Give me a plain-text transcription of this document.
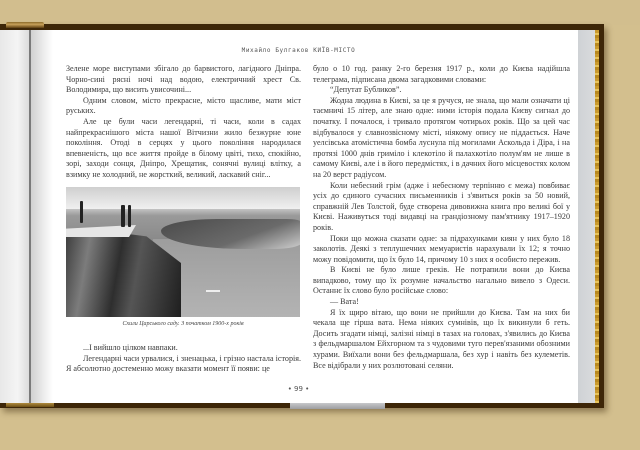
Михайло Булгаков КИЇВ-МІСТО

Зелене море виступами збігало до барвистого, лагідного Дніпра. Чорно-сині рясні ночі над водою, електричний хрест Св. Володимира, що висить увисочині...

Одним словом, місто прекрасне, місто щасливе, мати міст руських.

Але це були часи легендарні, ті часи, коли в садах найпрекраснішого міста нашої Вітчизни жило безжурне юне покоління. Отоді в серцях у цього покоління народилася впевненість, що все життя пройде в білому цвіті, тихо, спокійно, зорі, заходи сонця, Дніпро, Хрещатик, сонячні вулиці влітку, а взимку не холодний, не жорсткий, великий, ласкавий сніг...

Схили Царського саду. З початком 1900-х років

...І вийшло цілком навпаки.

Легендарні часи урвалися, і зненацька, і грізно настала історія. Я абсолютно достеменно можу вказати момент її появи: це

було о 10 год. ранку 2-го березня 1917 р., коли до Києва надійшла телеграма, підписана двома загадковими словами:

“Депутат Бубликов”.

Жодна людина в Києві, за це я ручуся, не знала, що мали означати ці таємничі 15 літер, але знаю одне: ними історія подала Києву сигнал до початку. І почалося, і тривало протягом чотирьох років. Що за цей час відбувалося у славнозвісному місті, ніякому опису не піддається. Наче уелсівська атомістична бомба луснула під могилами Аскольда і Діра, і на протязі 1000 днів гриміло і клекотіло й палахкотіло полум'ям не лише в самому Києві, але і в його передмістях, і в дачних його місцевостях колом на 20 верст радіусом.

Коли небесний грім (адже і небесному терпінню є межа) повбиває усіх до єдиного сучасних письменників і з'явиться років за 50 новий, справжній Лев Толстой, буде створена дивовижна книга про великі бої у Києві. Наживуться тоді видавці на грандіозному пам'ятнику 1917–1920 років.

Поки що можна сказати одне: за підрахунками киян у них було 18 заколотів. Деякі з теплушечних мемуаристів нарахували їх 12; я точно можу повідомити, що їх було 14, причому 10 з них я особисто пережив.

В Києві не було лише греків. Не потрапили вони до Києва випадково, тому що їх розумне начальство нагально вивело з Одеси. Останнє їх слово було російське слово:

— Вата!

Я їх щиро вітаю, що вони не прийшли до Києва. Там на них би чекала ще гірша вата. Нема ніяких сумнівів, що їх викинули б геть. Досить згадати німці, залізні німці в тазах на головах, з'явились до Києва з фельдмаршалом Ейхгорном та з чудовими туго перев'язаними обозними хурами. Виїхали вони без фельдмаршала, без хур і навіть без кулеметів. Все відібрали у них розлютовані селяни.

• 99 •
